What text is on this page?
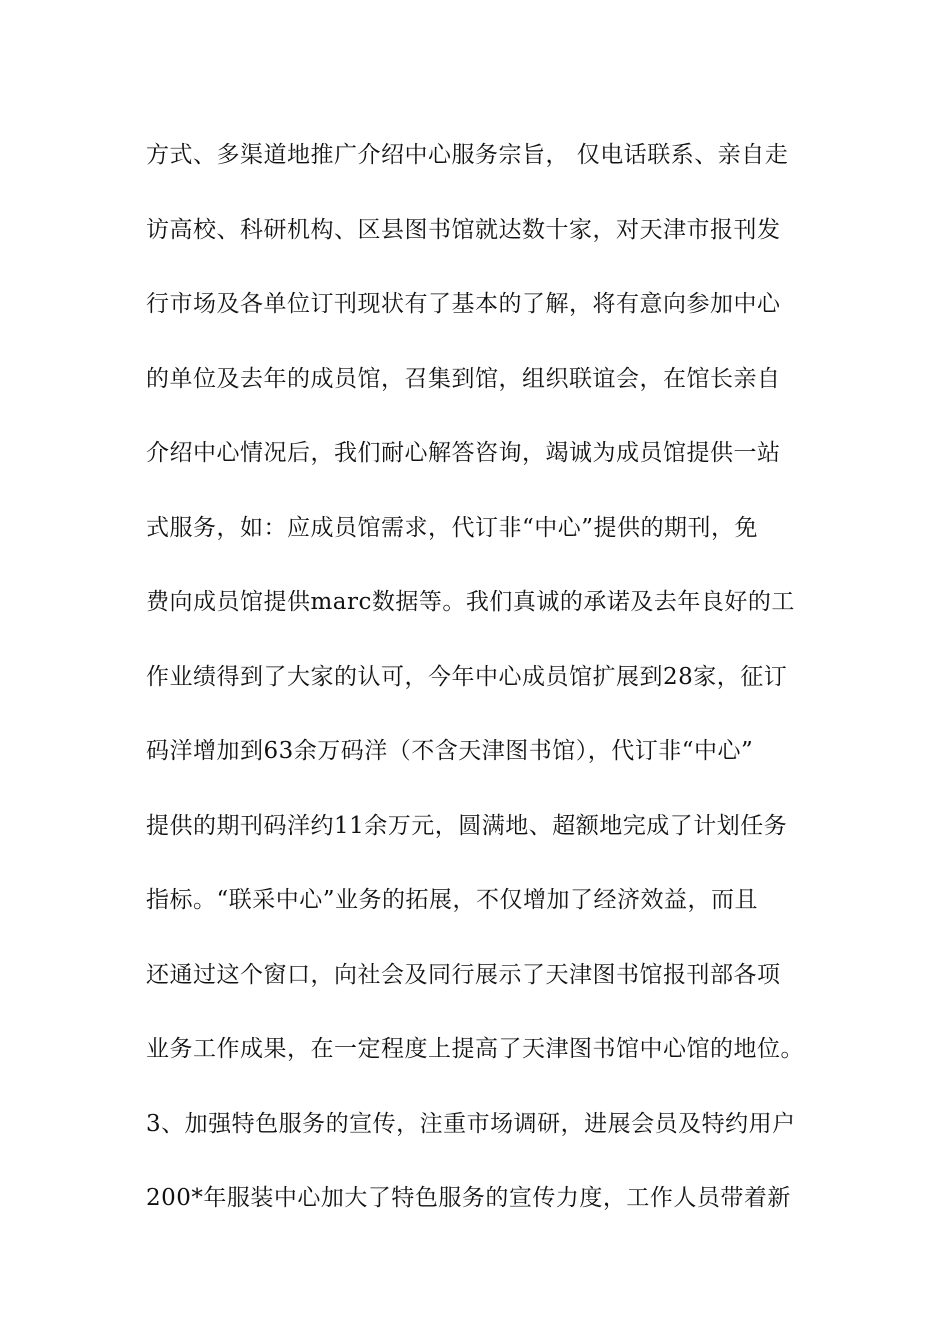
方式、多渠道地推广介绍中心服务宗旨， 仅电话联系、亲自走
访高校、科研机构、区县图书馆就达数十家，对天津市报刊发
行市场及各单位订刊现状有了基本的了解，将有意向参加中心
的单位及去年的成员馆，召集到馆，组织联谊会，在馆长亲自
介绍中心情况后，我们耐心解答咨询，竭诚为成员馆提供一站
式服务，如：应成员馆需求，代订非“中心”提供的期刊，免
费向成员馆提供marc数据等。我们真诚的承诺及去年良好的工
作业绩得到了大家的认可，今年中心成员馆扩展到28家，征订
码洋增加到63余万码洋（不含天津图书馆），代订非“中心”
提供的期刊码洋约11余万元，圆满地、超额地完成了计划任务
指标。“联采中心”业务的拓展，不仅增加了经济效益，而且
还通过这个窗口，向社会及同行展示了天津图书馆报刊部各项
业务工作成果，在一定程度上提高了天津图书馆中心馆的地位。
3、加强特色服务的宣传，注重市场调研，进展会员及特约用户
200*年服装中心加大了特色服务的宣传力度，工作人员带着新
